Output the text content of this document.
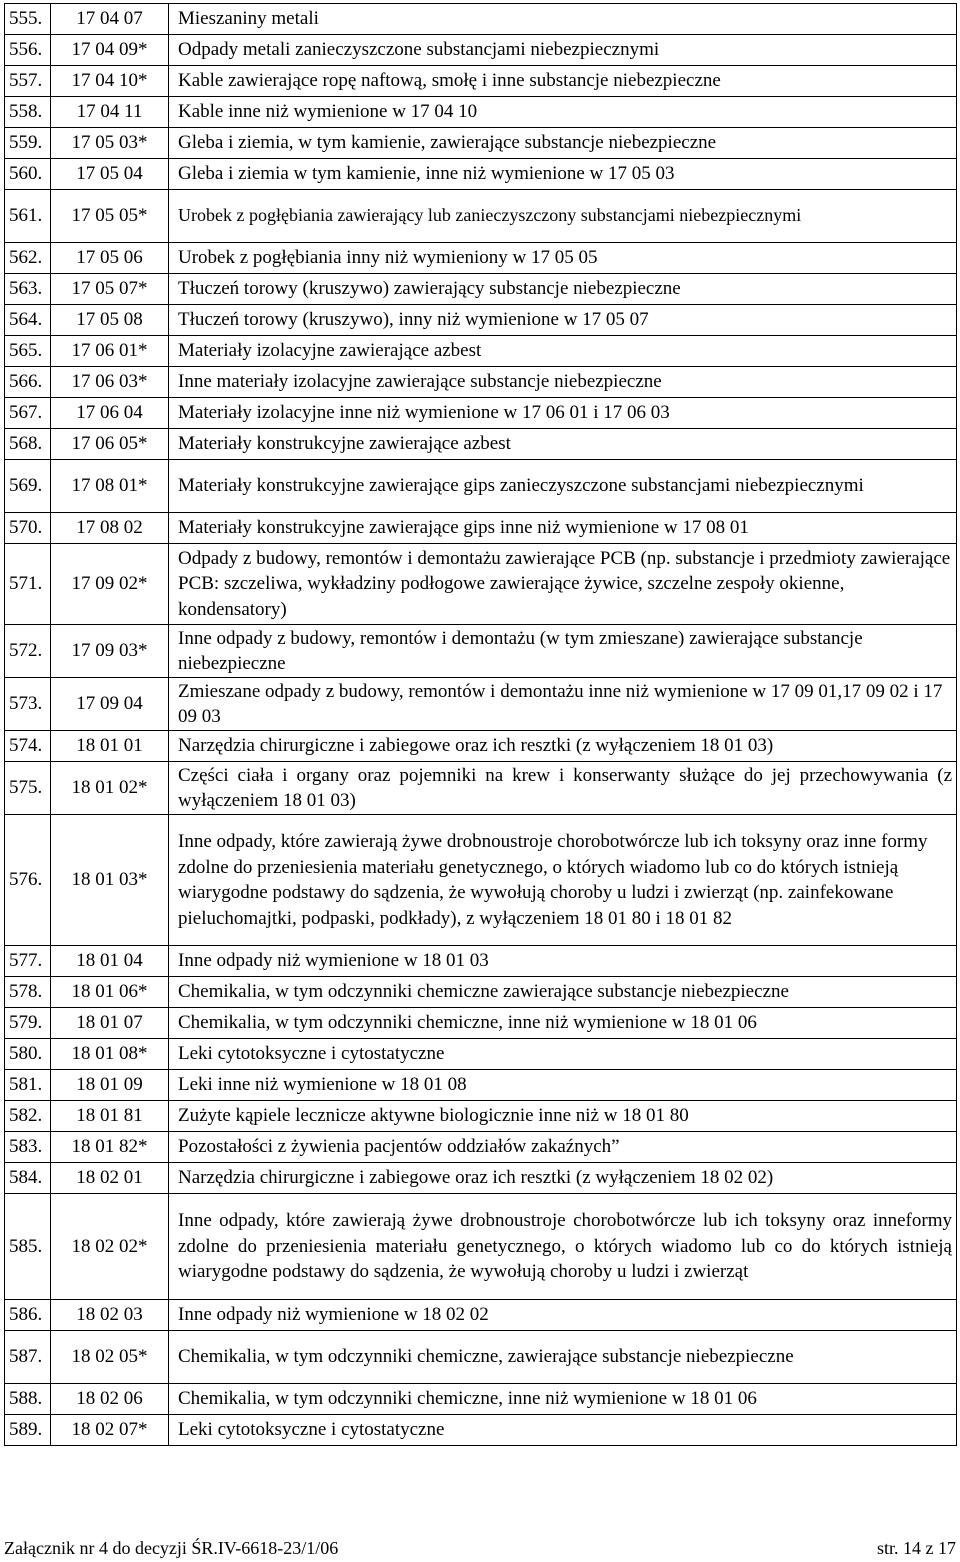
555.	17 04 07	Mieszaniny metali
556.	17 04 09*	Odpady metali zanieczyszczone substancjami niebezpiecznymi
557.	17 04 10*	Kable zawierające ropę naftową, smołę i inne substancje niebezpieczne
558.	17 04 11	Kable inne niż wymienione w 17 04 10
559.	17 05 03*	Gleba i ziemia, w tym kamienie, zawierające substancje niebezpieczne
560.	17 05 04	Gleba i ziemia w tym kamienie, inne niż wymienione w 17 05 03
561.	17 05 05*	Urobek z pogłębiania zawierający lub zanieczyszczony substancjami niebezpiecznymi
562.	17 05 06	Urobek z pogłębiania inny niż wymieniony w 17 05 05
563.	17 05 07*	Tłuczeń torowy (kruszywo) zawierający substancje niebezpieczne
564.	17 05 08	Tłuczeń torowy (kruszywo), inny niż wymienione w 17 05 07
565.	17 06 01*	Materiały izolacyjne zawierające azbest
566.	17 06 03*	Inne materiały izolacyjne zawierające substancje niebezpieczne
567.	17 06 04	Materiały izolacyjne inne niż wymienione w 17 06 01 i 17 06 03
568.	17 06 05*	Materiały konstrukcyjne zawierające azbest
569.	17 08 01*	Materiały konstrukcyjne zawierające gips zanieczyszczone substancjami niebezpiecznymi
570.	17 08 02	Materiały konstrukcyjne zawierające gips inne niż wymienione w 17 08 01
571.	17 09 02*	Odpady z budowy, remontów i demontażu zawierające PCB (np. substancje i przedmioty zawierające PCB: szczeliwa, wykładziny podłogowe zawierające żywice, szczelne zespoły okienne, kondensatory)
572.	17 09 03*	Inne odpady z budowy, remontów i demontażu (w tym zmieszane) zawierające substancje niebezpieczne
573.	17 09 04	Zmieszane odpady z budowy, remontów i demontażu inne niż wymienione w 17 09 01,17 09 02 i 17 09 03
574.	18 01 01	Narzędzia chirurgiczne i zabiegowe oraz ich resztki (z wyłączeniem 18 01 03)
575.	18 01 02*	Części ciała i organy oraz pojemniki na krew i konserwanty służące do jej przechowywania (z wyłączeniem 18 01 03)
576.	18 01 03*	Inne odpady, które zawierają żywe drobnoustroje chorobotwórcze lub ich toksyny oraz inne formy zdolne do przeniesienia materiału genetycznego, o których wiadomo lub co do których istnieją wiarygodne podstawy do sądzenia, że wywołują choroby u ludzi i zwierząt (np. zainfekowane pieluchomajtki, podpaski, podkłady), z wyłączeniem 18 01 80 i 18 01 82
577.	18 01 04	Inne odpady niż wymienione w 18 01 03
578.	18 01 06*	Chemikalia, w tym odczynniki chemiczne zawierające substancje niebezpieczne
579.	18 01 07	Chemikalia, w tym odczynniki chemiczne, inne niż wymienione w 18 01 06
580.	18 01 08*	Leki cytotoksyczne i cytostatyczne
581.	18 01 09	Leki inne niż wymienione w 18 01 08
582.	18 01 81	Zużyte kąpiele lecznicze aktywne biologicznie inne niż w 18 01 80
583.	18 01 82*	Pozostałości z żywienia pacjentów oddziałów zakaźnych”
584.	18 02 01	Narzędzia chirurgiczne i zabiegowe oraz ich resztki (z wyłączeniem 18 02 02)
585.	18 02 02*	Inne odpady, które zawierają żywe drobnoustroje chorobotwórcze lub ich toksyny oraz inneformy zdolne do przeniesienia materiału genetycznego, o których wiadomo lub co do których istnieją wiarygodne podstawy do sądzenia, że wywołują choroby u ludzi i zwierząt
586.	18 02 03	Inne odpady niż wymienione w 18 02 02
587.	18 02 05*	Chemikalia, w tym odczynniki chemiczne, zawierające substancje niebezpieczne
588.	18 02 06	Chemikalia, w tym odczynniki chemiczne, inne niż wymienione w 18 01 06
589.	18 02 07*	Leki cytotoksyczne i cytostatyczne
Załącznik nr 4 do decyzji ŚR.IV-6618-23/1/06	str. 14 z 17
